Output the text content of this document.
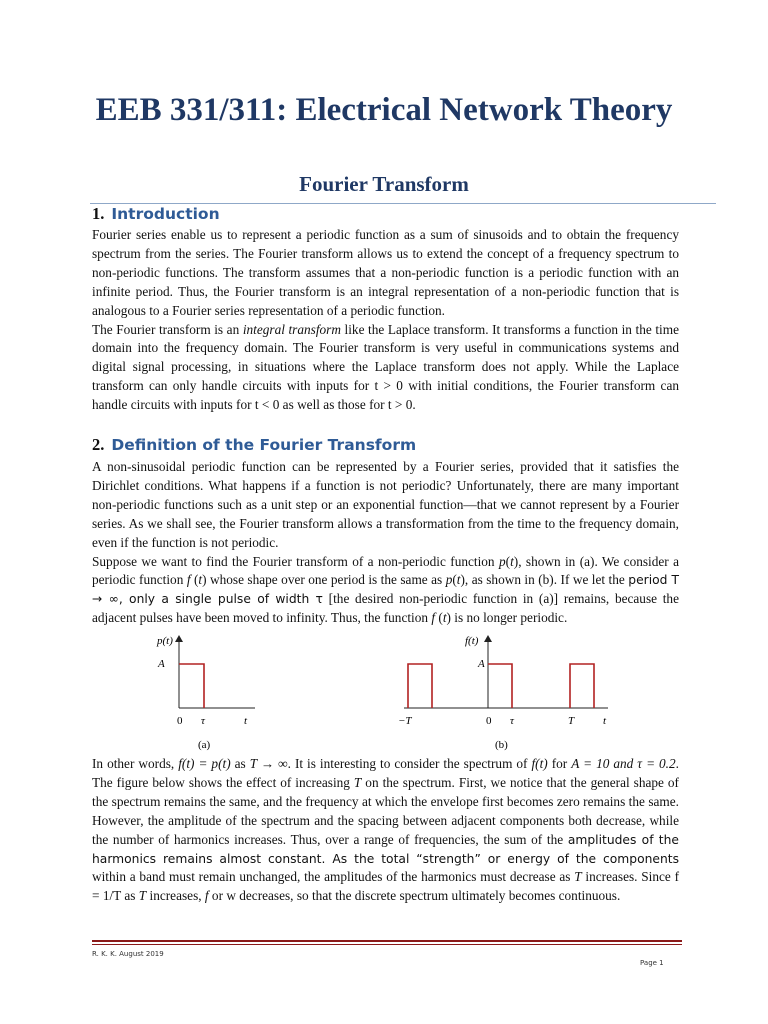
EEB 331/311: Electrical Network Theory
Fourier Transform
1. Introduction

Fourier series enable us to represent a periodic function as a sum of sinusoids and to obtain the frequency spectrum from the series. The Fourier transform allows us to extend the concept of a frequency spectrum to non-periodic functions. The transform assumes that a non-periodic function is a periodic function with an infinite period. Thus, the Fourier transform is an integral representation of a non-periodic function that is analogous to a Fourier series representation of a periodic function.

The Fourier transform is an integral transform like the Laplace transform. It transforms a function in the time domain into the frequency domain. The Fourier transform is very useful in communications systems and digital signal processing, in situations where the Laplace transform does not apply. While the Laplace transform can only handle circuits with inputs for t > 0 with initial conditions, the Fourier transform can handle circuits with inputs for t < 0 as well as those for t > 0.

2. Definition of the Fourier Transform

A non-sinusoidal periodic function can be represented by a Fourier series, provided that it satisfies the Dirichlet conditions. What happens if a function is not periodic? Unfortunately, there are many important non-periodic functions such as a unit step or an exponential function—that we cannot represent by a Fourier series. As we shall see, the Fourier transform allows a transformation from the time to the frequency domain, even if the function is not periodic.

Suppose we want to find the Fourier transform of a non-periodic function p(t), shown in (a). We consider a periodic function f (t) whose shape over one period is the same as p(t), as shown in (b). If we let the period T → ∞, only a single pulse of width τ [the desired non-periodic function in (a)] remains, because the adjacent pulses have been moved to infinity. Thus, the function f (t) is no longer periodic.

p(t)
A
0 τ	t
(a)
f(t)
A
−T	0 τ	T	t
(b)

In other words, f(t) = p(t) as T → ∞. It is interesting to consider the spectrum of f(t) for A = 10 and τ = 0.2. The figure below shows the effect of increasing T on the spectrum. First, we notice that the general shape of the spectrum remains the same, and the frequency at which the envelope first becomes zero remains the same. However, the amplitude of the spectrum and the spacing between adjacent components both decrease, while the number of harmonics increases. Thus, over a range of frequencies, the sum of the amplitudes of the harmonics remains almost constant. As the total “strength” or energy of the components within a band must remain unchanged, the amplitudes of the harmonics must decrease as T increases. Since f = 1/T as T increases, f or w decreases, so that the discrete spectrum ultimately becomes continuous.

R. K. K. August 2019
Page 1
